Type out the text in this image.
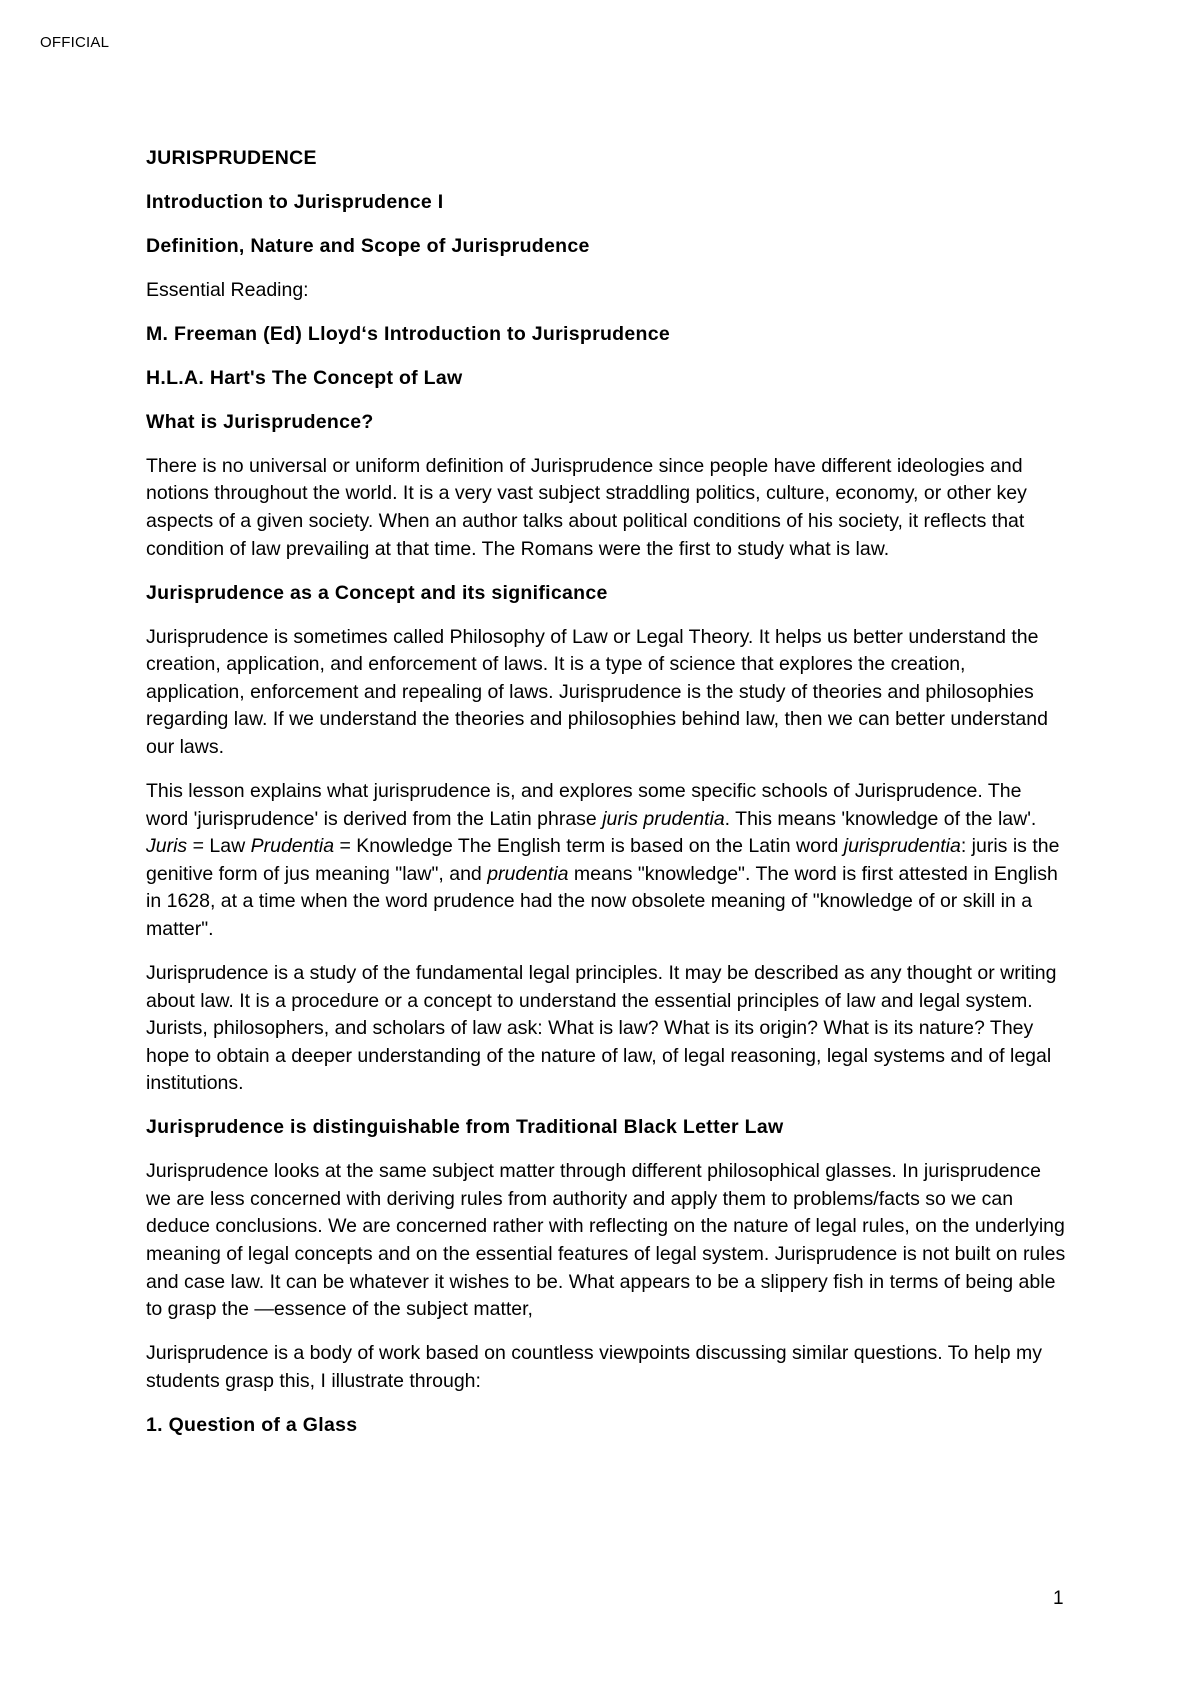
OFFICIAL

JURISPRUDENCE

Introduction to Jurisprudence I

Definition, Nature and Scope of Jurisprudence

Essential Reading:

M. Freeman (Ed) Lloyd‘s Introduction to Jurisprudence

H.L.A. Hart's The Concept of Law

What is Jurisprudence?

There is no universal or uniform definition of Jurisprudence since people have different ideologies and notions throughout the world. It is a very vast subject straddling politics, culture, economy, or other key aspects of a given society. When an author talks about political conditions of his society, it reflects that condition of law prevailing at that time. The Romans were the first to study what is law.

Jurisprudence as a Concept and its significance

Jurisprudence is sometimes called Philosophy of Law or Legal Theory. It helps us better understand the creation, application, and enforcement of laws. It is a type of science that explores the creation, application, enforcement and repealing of laws. Jurisprudence is the study of theories and philosophies regarding law. If we understand the theories and philosophies behind law, then we can better understand our laws.

This lesson explains what jurisprudence is, and explores some specific schools of Jurisprudence. The word 'jurisprudence' is derived from the Latin phrase juris prudentia. This means 'knowledge of the law'. Juris = Law Prudentia = Knowledge The English term is based on the Latin word jurisprudentia: juris is the genitive form of jus meaning "law", and prudentia means "knowledge". The word is first attested in English in 1628, at a time when the word prudence had the now obsolete meaning of "knowledge of or skill in a matter".

Jurisprudence is a study of the fundamental legal principles. It may be described as any thought or writing about law. It is a procedure or a concept to understand the essential principles of law and legal system. Jurists, philosophers, and scholars of law ask: What is law? What is its origin? What is its nature? They hope to obtain a deeper understanding of the nature of law, of legal reasoning, legal systems and of legal institutions.

Jurisprudence is distinguishable from Traditional Black Letter Law

Jurisprudence looks at the same subject matter through different philosophical glasses. In jurisprudence we are less concerned with deriving rules from authority and apply them to problems/facts so we can deduce conclusions. We are concerned rather with reflecting on the nature of legal rules, on the underlying meaning of legal concepts and on the essential features of legal system. Jurisprudence is not built on rules and case law. It can be whatever it wishes to be. What appears to be a slippery fish in terms of being able to grasp the ―essence of the subject matter,

Jurisprudence is a body of work based on countless viewpoints discussing similar questions. To help my students grasp this, I illustrate through:

1. Question of a Glass

1
